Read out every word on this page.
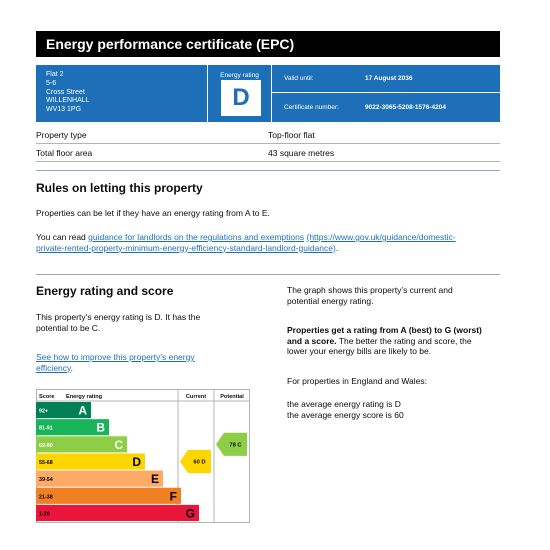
Energy performance certificate (EPC)
Flat 2
5-6
Cross Street
WILLENHALL
WV13 1PG
Energy rating
D
Valid until:	17 August 2036
Certificate number:	9022-3065-5208-1576-4204
Property type	Top-floor flat
Total floor area	43 square metres
Rules on letting this property
Properties can be let if they have an energy rating from A to E.
You can read guidance for landlords on the regulations and exemptions (https://www.gov.uk/guidance/domestic-
private-rented-property-minimum-energy-efficiency-standard-landlord-guidance).
Energy rating and score
This property’s energy rating is D. It has the
potential to be C.
See how to improve this property’s energy
efficiency.
The graph shows this property’s current and
potential energy rating.
Properties get a rating from A (best) to G (worst)
and a score. The better the rating and score, the
lower your energy bills are likely to be.
For properties in England and Wales:
the average energy rating is D
the average energy score is 60
Score Energy rating	Current	Potential
92+	A
81-91	B
69-80	C
55-68	D
39-54	E
21-38	F
1-20	G
60 D
78 C
